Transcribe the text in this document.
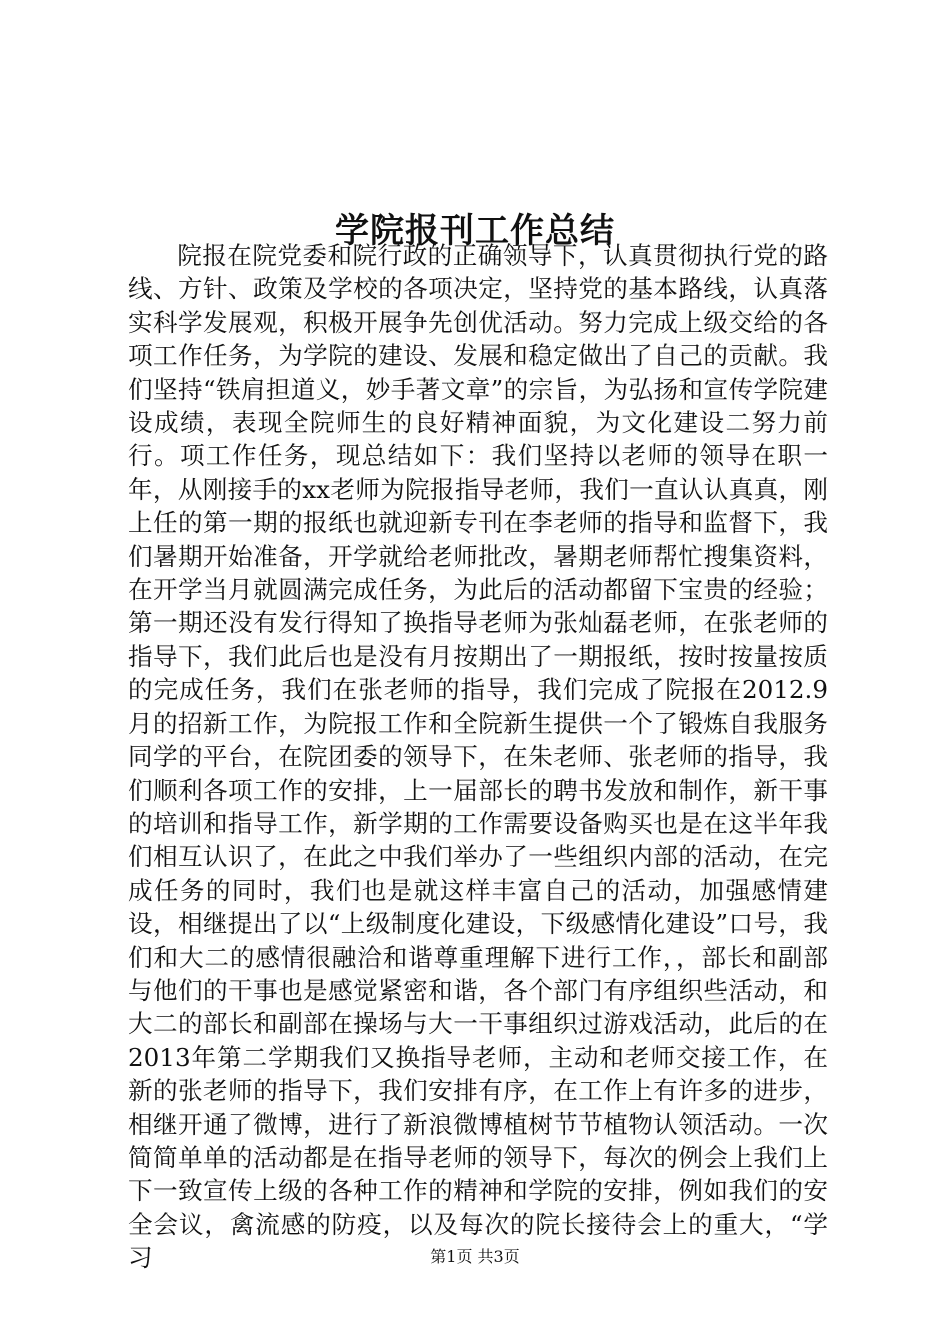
学院报刊工作总结

院报在院党委和院行政的正确领导下，认真贯彻执行党的路线、方针、政策及学校的各项决定，坚持党的基本路线，认真落实科学发展观，积极开展争先创优活动。努力完成上级交给的各项工作任务，为学院的建设、发展和稳定做出了自己的贡献。我们坚持“铁肩担道义，妙手著文章”的宗旨，为弘扬和宣传学院建设成绩，表现全院师生的良好精神面貌，为文化建设二努力前行。项工作任务，现总结如下：我们坚持以老师的领导在职一年，从刚接手的xx老师为院报指导老师，我们一直认认真真，刚上任的第一期的报纸也就迎新专刊在李老师的指导和监督下，我们暑期开始准备，开学就给老师批改，暑期老师帮忙搜集资料，在开学当月就圆满完成任务，为此后的活动都留下宝贵的经验；第一期还没有发行得知了换指导老师为张灿磊老师，在张老师的指导下，我们此后也是没有月按期出了一期报纸，按时按量按质的完成任务，我们在张老师的指导，我们完成了院报在2012.9月的招新工作，为院报工作和全院新生提供一个了锻炼自我服务同学的平台，在院团委的领导下，在朱老师、张老师的指导，我们顺利各项工作的安排，上一届部长的聘书发放和制作，新干事的培训和指导工作，新学期的工作需要设备购买也是在这半年我们相互认识了，在此之中我们举办了一些组织内部的活动，在完成任务的同时，我们也是就这样丰富自己的活动，加强感情建设，相继提出了以“上级制度化建设，下级感情化建设”口号，我们和大二的感情很融洽和谐尊重理解下进行工作，，部长和副部与他们的干事也是感觉紧密和谐，各个部门有序组织些活动，和大二的部长和副部在操场与大一干事组织过游戏活动，此后的在2013年第二学期我们又换指导老师，主动和老师交接工作，在新的张老师的指导下，我们安排有序，在工作上有许多的进步，相继开通了微博，进行了新浪微博植树节节植物认领活动。一次简简单单的活动都是在指导老师的领导下，每次的例会上我们上下一致宣传上级的各种工作的精神和学院的安排，例如我们的安全会议，禽流感的防疫，以及每次的院长接待会上的重大，“学习	第1页 共3页
